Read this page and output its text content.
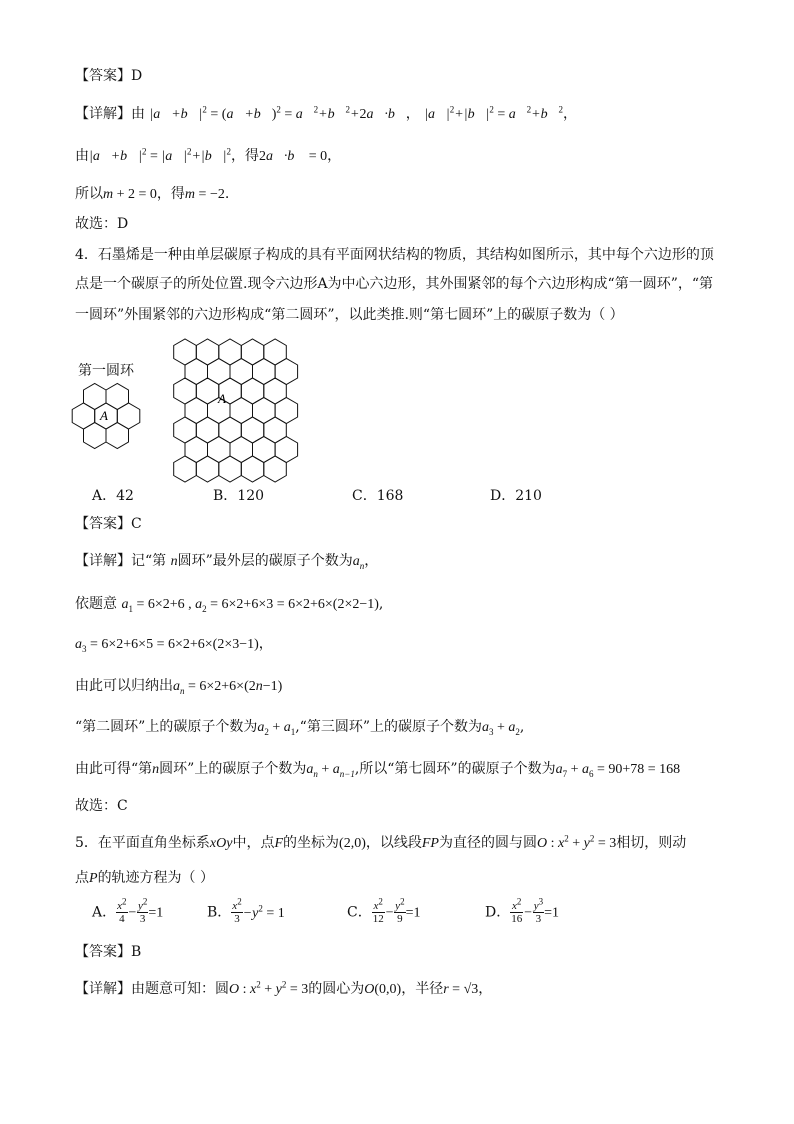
【答案】D
【详解】由 $|a⃗+b⃗|^2$ = (a⃗+b⃗)$^2$ = a⃗$^2$+b⃗$^2$+2a⃗·b⃗， $|a⃗|^2+|b⃗|^2$ = a⃗$^2$+b⃗$^2$，
由$|a⃗+b⃗|^2$ = $|a⃗|^2+|b⃗|^2$，得2a⃗·b⃗ = 0，
所以m + 2 = 0，得m = −2.
故选：D
4．石墨烯是一种由单层碳原子构成的具有平面网状结构的物质，其结构如图所示，其中每个六边形的顶
点是一个碳原子的所处位置.现令六边形A为中心六边形，其外围紧邻的每个六边形构成“第一圆环”，“第
一圆环”外围紧邻的六边形构成“第二圆环”，以此类推.则“第七圆环”上的碳原子数为（ ）
第一圆环
A
A
A．42	B．120	C．168	D．210
【答案】C
【详解】记“第 n圆环”最外层的碳原子个数为$a_n$，
依题意 $a_1 = 6\times 2+6$ , $a_2 = 6\times 2+6\times 3 = 6\times 2+6\times(2\times 2-1)$,
$a_3 = 6\times 2+6\times 5 = 6\times 2+6\times(2\times 3-1)$，
由此可以归纳出$a_n = 6\times 2+6\times(2n-1)$
“第二圆环”上的碳原子个数为$a_2$ + $a_1,“$第三圆环”上的碳原子个数为$a_3 + a_2$,
由此可得“第n圆环”上的碳原子个数为$a_n + a_{n-1}$,所以“第七圆环”的碳原子个数为$a_7 + a_6 = 90+78 = 168$
故选：C
5．在平面直角坐标系xOy中，点F的坐标为(2,0)，以线段FP为直径的圆与圆O : $x^2 + y^2 = 3$相切，则动
点P的轨迹方程为（ ）
A． $\frac{x^2}{4} - \frac{y^2}{3} =1$	B． $\frac{x^2}{3} -y^2 = 1$	C． $\frac{x^2}{12} - \frac{y^2}{9} =1$	D． $\frac{x^2}{16} - \frac{y^3}{3} =1$
【答案】B
【详解】由题意可知：圆O : $x^2 + y^2 = 3$的圆心为O(0,0)，半径r = √3，
